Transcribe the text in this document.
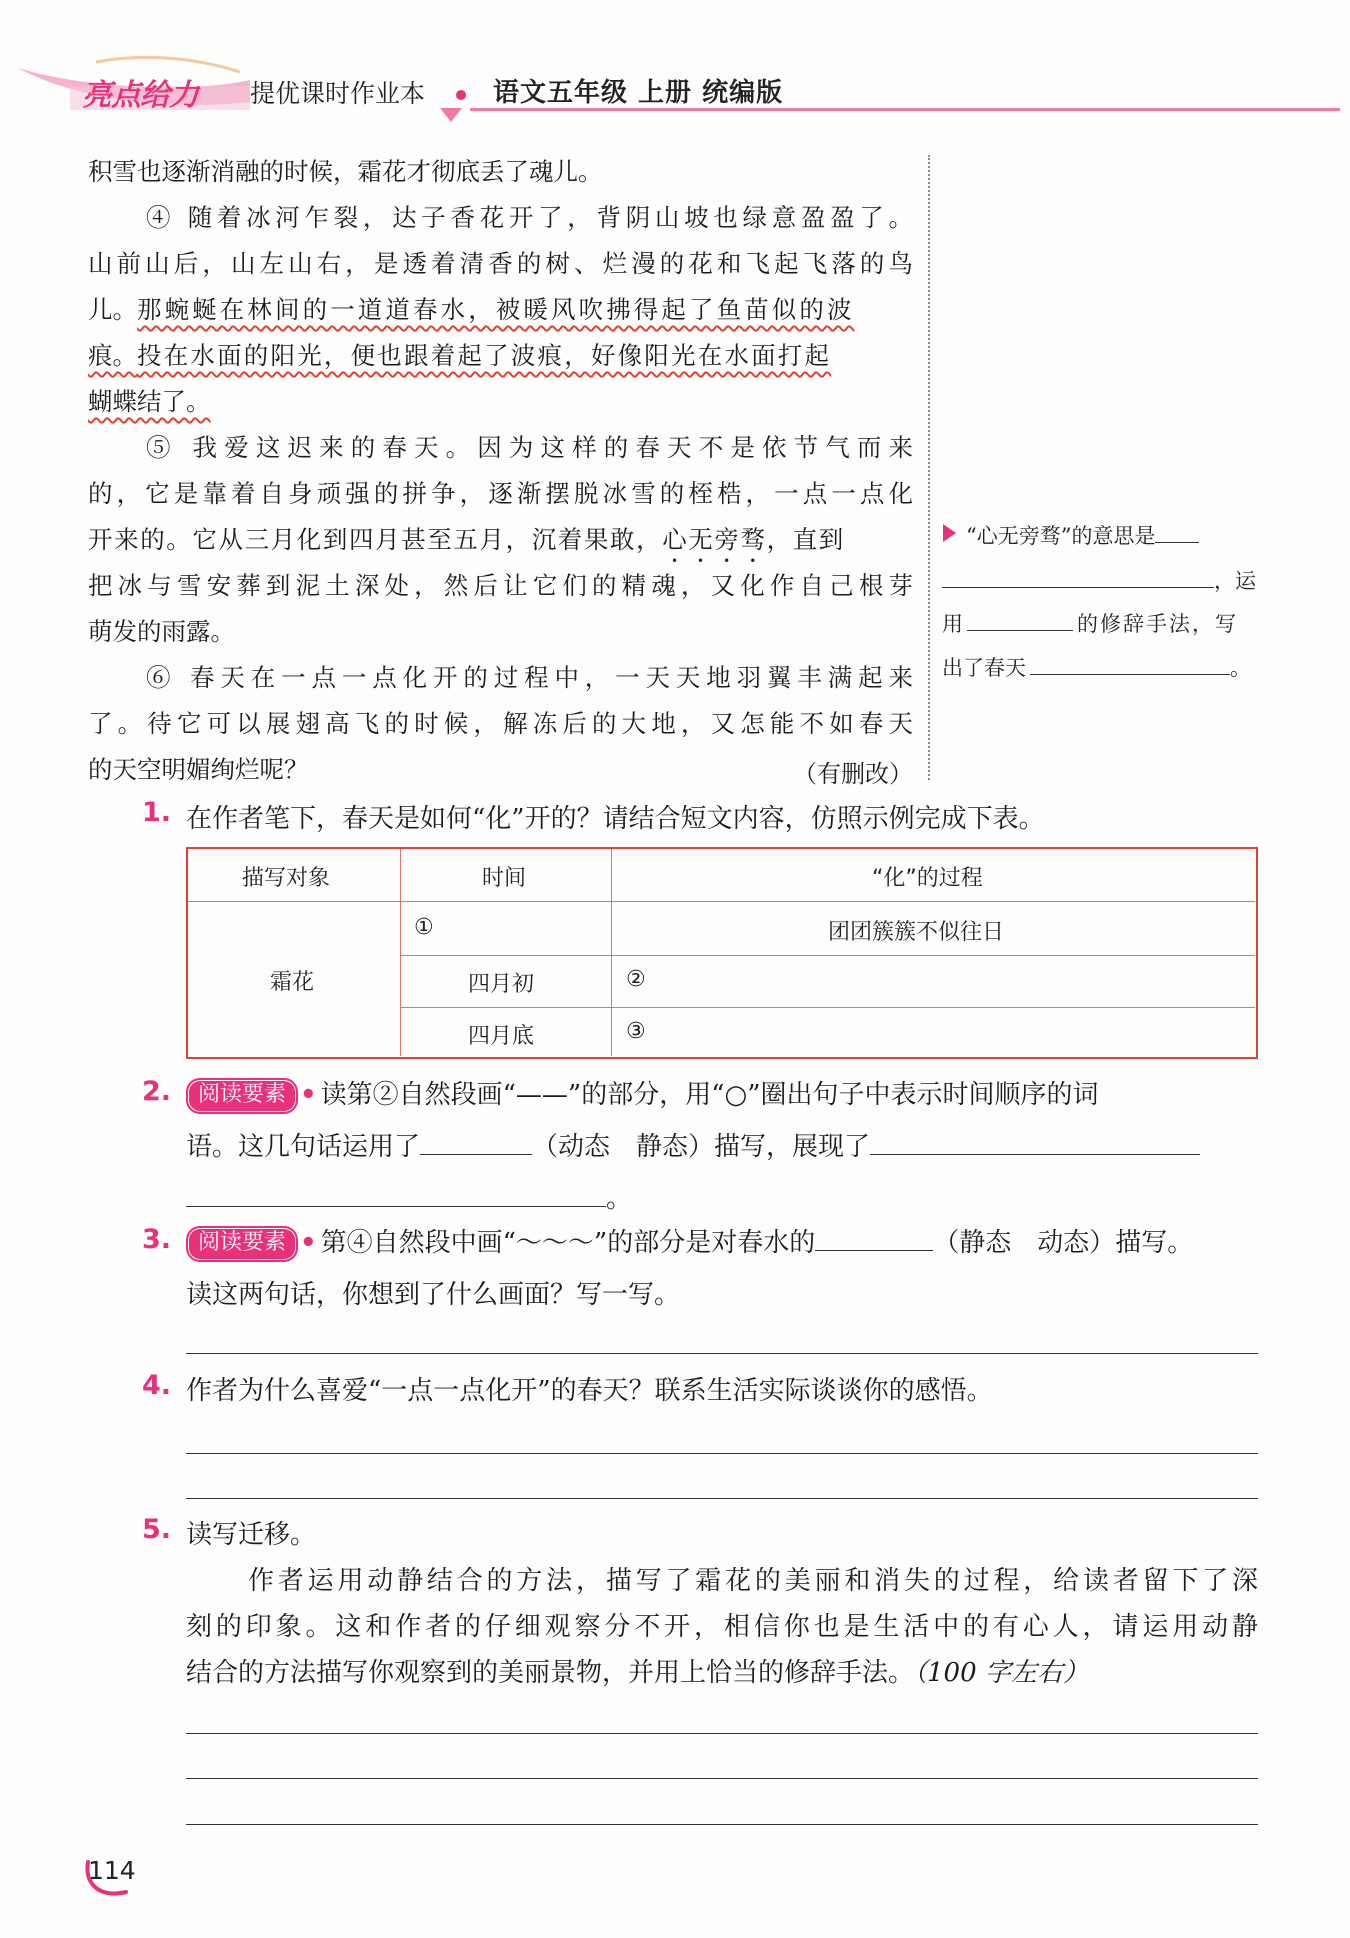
亮点给力 提优课时作业本	语文五年级 上册 统编版
积雪也逐渐消融的时候，霜花才彻底丢了魂儿。
④ 随着冰河乍裂，达子香花开了，背阴山坡也绿意盈盈了。
山前山后，山左山右，是透着清香的树、烂漫的花和飞起飞落的鸟
儿。那蜿蜒在林间的一道道春水，被暖风吹拂得起了鱼苗似的波
痕。投在水面的阳光，便也跟着起了波痕，好像阳光在水面打起
蝴蝶结了。
⑤ 我爱这迟来的春天。因为这样的春天不是依节气而来
的，它是靠着自身顽强的拼争，逐渐摆脱冰雪的桎梏，一点一点化
开来的。它从三月化到四月甚至五月，沉着果敢，心无旁骛，直到
把冰与雪安葬到泥土深处，然后让它们的精魂，又化作自己根芽
萌发的雨露。
⑥ 春天在一点一点化开的过程中，一天天地羽翼丰满起来
了。待它可以展翅高飞的时候，解冻后的大地，又怎能不如春天
的天空明媚绚烂呢？	（有删改）
“心无旁骛”的意思是
，运
用	的修辞手法，写
出了春天	。
1. 在作者笔下，春天是如何“化”开的？请结合短文内容，仿照示例完成下表。
描写对象	时间	“化”的过程
霜花
①	团团簇簇不似往日
四月初	②
四月底	③
2.	阅读要素 • 读第②自然段画“——”的部分，用“○”圈出句子中表示时间顺序的词
语。这几句话运用了	（动态　静态）描写，展现了
。
3.	阅读要素 • 第④自然段中画“～～～”的部分是对春水的	（静态　动态）描写。
读这两句话，你想到了什么画面？写一写。
4. 作者为什么喜爱“一点一点化开”的春天？联系生活实际谈谈你的感悟。
5. 读写迁移。
作者运用动静结合的方法，描写了霜花的美丽和消失的过程，给读者留下了深
刻的印象。这和作者的仔细观察分不开，相信你也是生活中的有心人，请运用动静
结合的方法描写你观察到的美丽景物，并用上恰当的修辞手法。（100 字左右）
114
